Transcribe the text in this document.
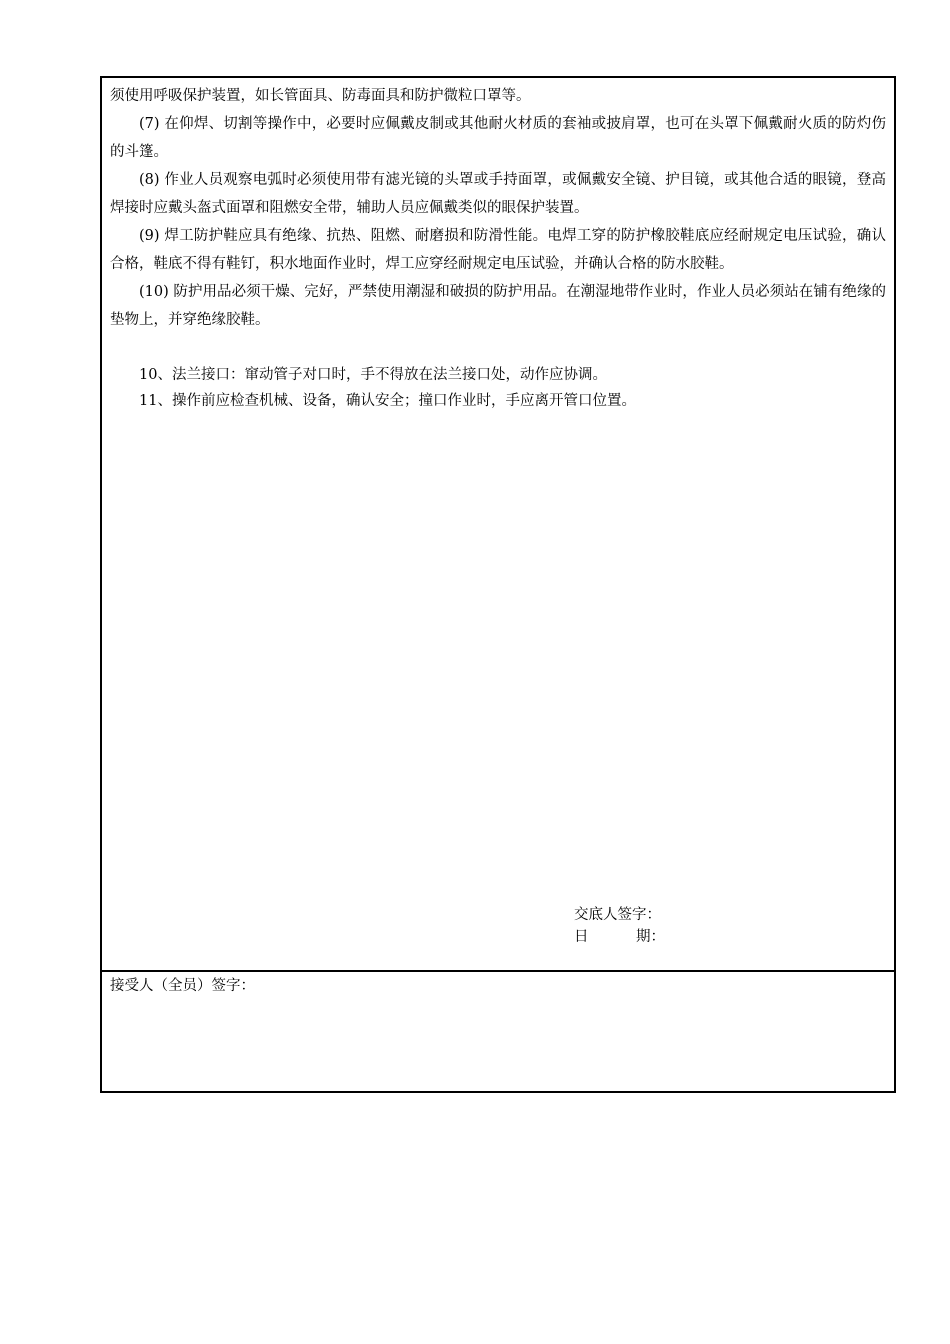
须使用呼吸保护装置，如长管面具、防毒面具和防护微粒口罩等。

(7) 在仰焊、切割等操作中，必要时应佩戴皮制或其他耐火材质的套袖或披肩罩，也可在头罩下佩戴耐火质的防灼伤的斗篷。

(8) 作业人员观察电弧时必须使用带有滤光镜的头罩或手持面罩，或佩戴安全镜、护目镜，或其他合适的眼镜，登高焊接时应戴头盔式面罩和阻燃安全带，辅助人员应佩戴类似的眼保护装置。

(9) 焊工防护鞋应具有绝缘、抗热、阻燃、耐磨损和防滑性能。电焊工穿的防护橡胶鞋底应经耐规定电压试验，确认合格，鞋底不得有鞋钉，积水地面作业时，焊工应穿经耐规定电压试验，并确认合格的防水胶鞋。

(10) 防护用品必须干燥、完好，严禁使用潮湿和破损的防护用品。在潮湿地带作业时，作业人员必须站在铺有绝缘的垫物上，并穿绝缘胶鞋。

10、法兰接口：窜动管子对口时，手不得放在法兰接口处，动作应协调。

11、操作前应检查机械、设备，确认安全；撞口作业时，手应离开管口位置。

交底人签字：
日	期：
接受人（全员）签字：
